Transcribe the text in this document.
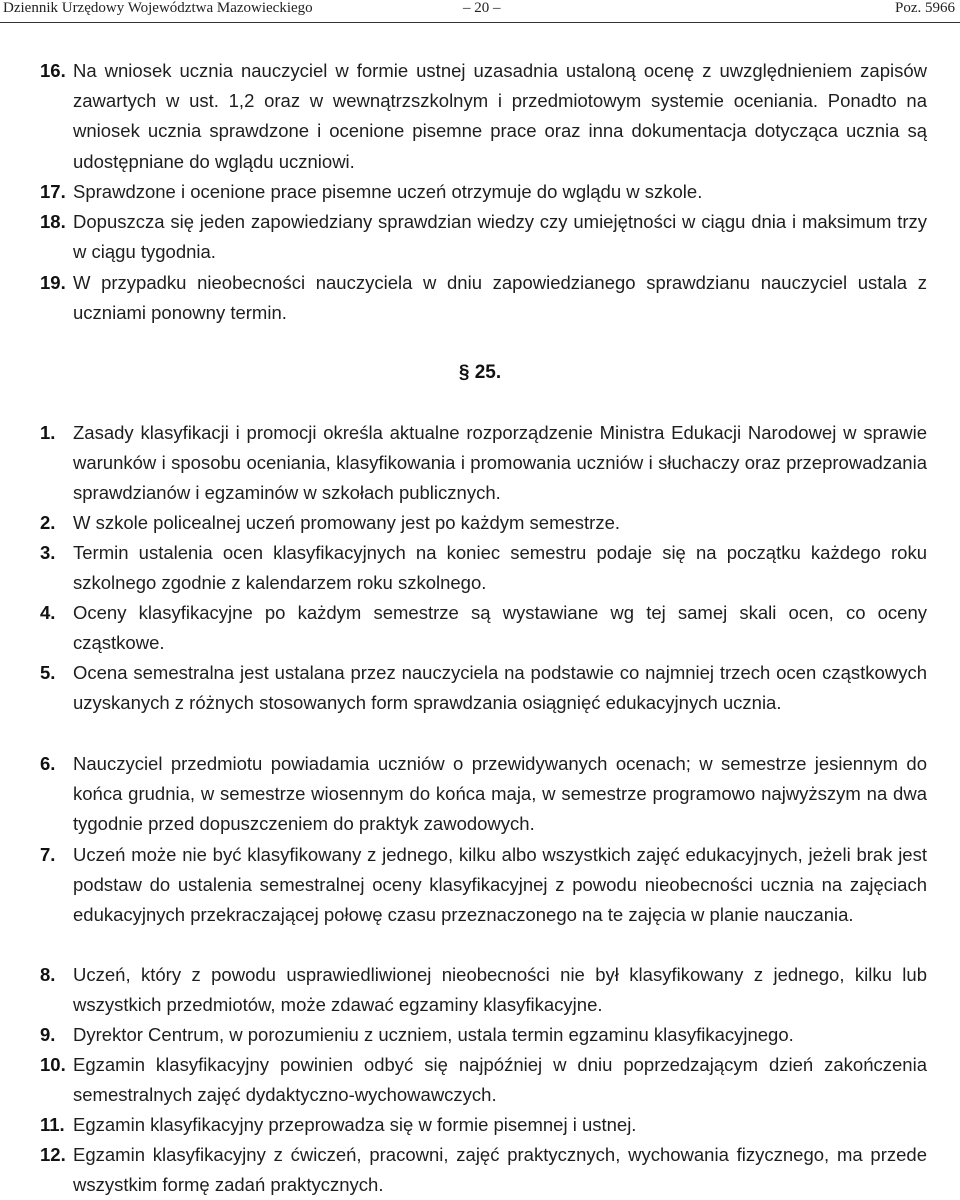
Dziennik Urzędowy Województwa Mazowieckiego	– 20 –	Poz. 5966
16. Na wniosek ucznia nauczyciel w formie ustnej uzasadnia ustaloną ocenę z uwzględnieniem zapisów zawartych w ust. 1,2 oraz w wewnątrzszkolnym i przedmiotowym systemie oceniania. Ponadto na wniosek ucznia sprawdzone i ocenione pisemne prace oraz inna dokumentacja dotycząca ucznia są udostępniane do wglądu uczniowi.
17. Sprawdzone i ocenione prace pisemne uczeń otrzymuje do wglądu w szkole.
18. Dopuszcza się jeden zapowiedziany sprawdzian wiedzy czy umiejętności w ciągu dnia i maksimum trzy w ciągu tygodnia.
19. W przypadku nieobecności nauczyciela w dniu zapowiedzianego sprawdzianu nauczyciel ustala z uczniami ponowny termin.
§ 25.
1. Zasady klasyfikacji i promocji określa aktualne rozporządzenie Ministra Edukacji Narodowej w sprawie warunków i sposobu oceniania, klasyfikowania i promowania uczniów i słuchaczy oraz przeprowadzania sprawdzianów i egzaminów w szkołach publicznych.
2. W szkole policealnej uczeń promowany jest po każdym semestrze.
3. Termin ustalenia ocen klasyfikacyjnych na koniec semestru podaje się na początku każdego roku szkolnego zgodnie z kalendarzem roku szkolnego.
4. Oceny klasyfikacyjne po każdym semestrze są wystawiane wg tej samej skali ocen, co oceny cząstkowe.
5. Ocena semestralna jest ustalana przez nauczyciela na podstawie co najmniej trzech ocen cząstkowych uzyskanych z różnych stosowanych form sprawdzania osiągnięć edukacyjnych ucznia.
6. Nauczyciel przedmiotu powiadamia uczniów o przewidywanych ocenach; w semestrze jesiennym do końca grudnia, w semestrze wiosennym do końca maja, w semestrze programowo najwyższym na dwa tygodnie przed dopuszczeniem do praktyk zawodowych.
7. Uczeń może nie być klasyfikowany z jednego, kilku albo wszystkich zajęć edukacyjnych, jeżeli brak jest podstaw do ustalenia semestralnej oceny klasyfikacyjnej z powodu nieobecności ucznia na zajęciach edukacyjnych przekraczającej połowę czasu przeznaczonego na te zajęcia w planie nauczania.
8. Uczeń, który z powodu usprawiedliwionej nieobecności nie był klasyfikowany z jednego, kilku lub wszystkich przedmiotów, może zdawać egzaminy klasyfikacyjne.
9. Dyrektor Centrum, w porozumieniu z uczniem, ustala termin egzaminu klasyfikacyjnego.
10. Egzamin klasyfikacyjny powinien odbyć się najpóźniej w dniu poprzedzającym dzień zakończenia semestralnych zajęć dydaktyczno-wychowawczych.
11. Egzamin klasyfikacyjny przeprowadza się w formie pisemnej i ustnej.
12. Egzamin klasyfikacyjny z ćwiczeń, pracowni, zajęć praktycznych, wychowania fizycznego, ma przede wszystkim formę zadań praktycznych.
